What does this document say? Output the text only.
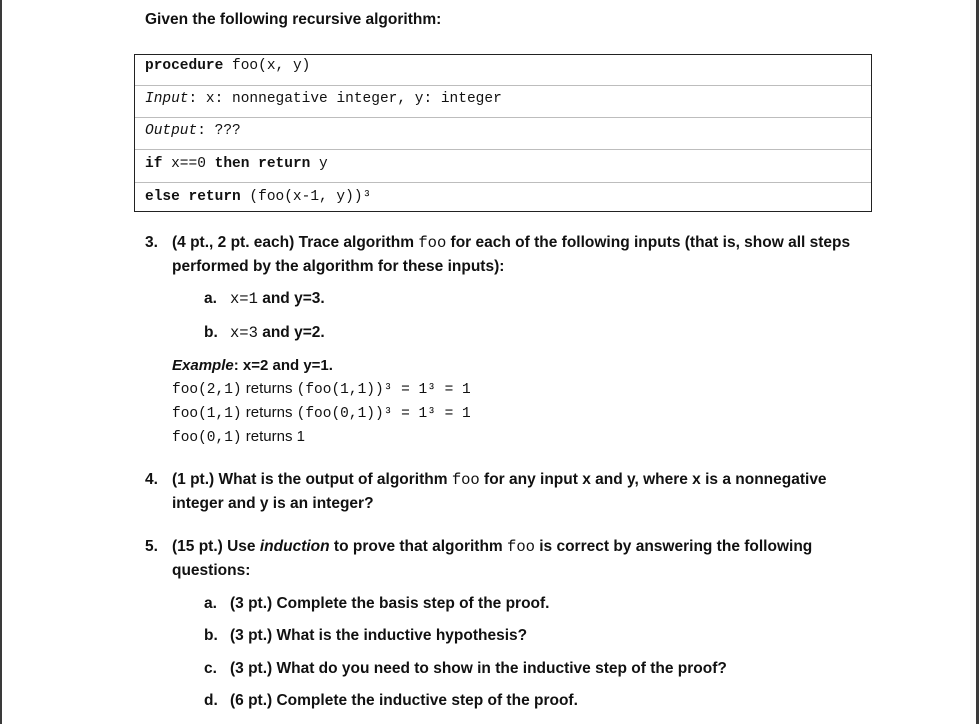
Given the following recursive algorithm:
procedure foo(x, y)
Input: x: nonnegative integer, y: integer
Output: ???
if x==0 then return y
else return (foo(x-1, y))³
3. (4 pt., 2 pt. each) Trace algorithm foo for each of the following inputs (that is, show all steps
performed by the algorithm for these inputs):
a. x=1 and y=3.
b. x=3 and y=2.
Example: x=2 and y=1.
foo(2,1) returns (foo(1,1))³ = 1³ = 1
foo(1,1) returns (foo(0,1))³ = 1³ = 1
foo(0,1) returns 1
4. (1 pt.) What is the output of algorithm foo for any input x and y, where x is a nonnegative
integer and y is an integer?
5. (15 pt.) Use induction to prove that algorithm foo is correct by answering the following
questions:
a. (3 pt.) Complete the basis step of the proof.
b. (3 pt.) What is the inductive hypothesis?
c. (3 pt.) What do you need to show in the inductive step of the proof?
d. (6 pt.) Complete the inductive step of the proof.
